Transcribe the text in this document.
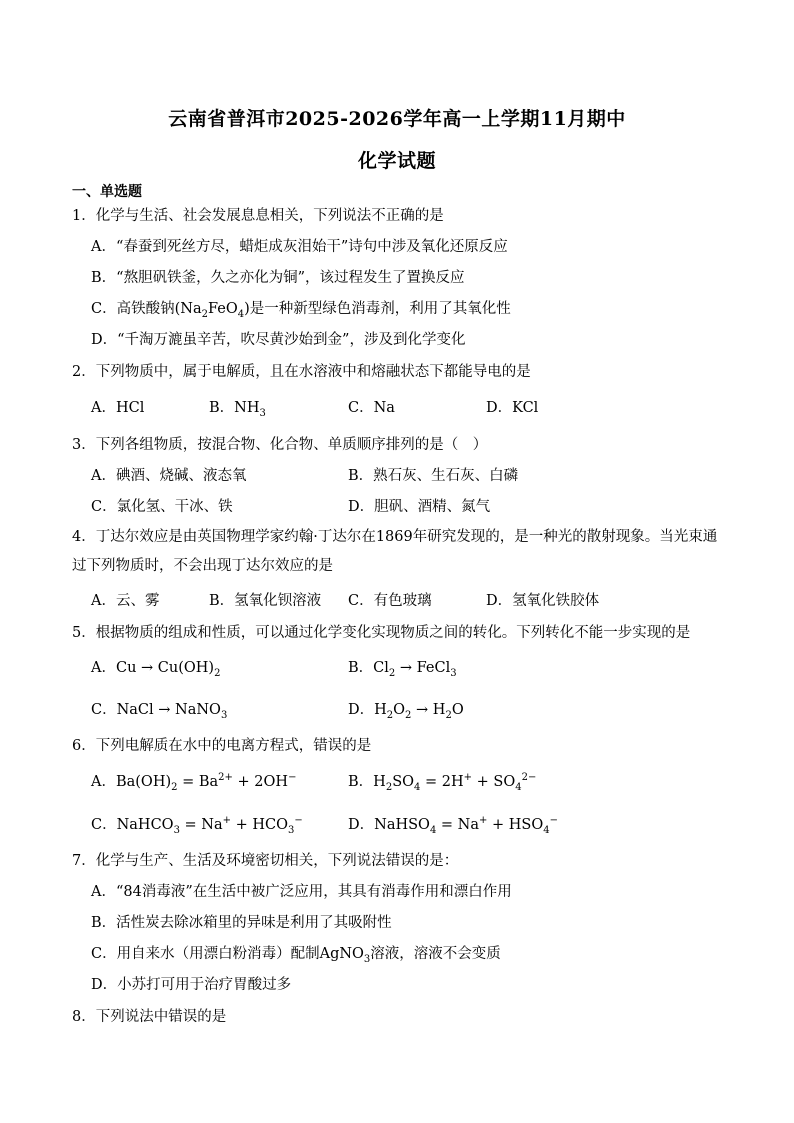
云南省普洱市2025-2026学年高一上学期11月期中
化学试题
一、单选题
1．化学与生活、社会发展息息相关，下列说法不正确的是
A．“春蚕到死丝方尽，蜡炬成灰泪始干”诗句中涉及氧化还原反应
B．“熬胆矾铁釜，久之亦化为铜”，该过程发生了置换反应
C．高铁酸钠$(Na_2FeO_4)$是一种新型绿色消毒剂，利用了其氧化性
D．“千淘万漉虽辛苦，吹尽黄沙始到金”，涉及到化学变化
2．下列物质中，属于电解质，且在水溶液中和熔融状态下都能导电的是
A．HCl	B．$NH_3$	C．Na	D．KCl
3．下列各组物质，按混合物、化合物、单质顺序排列的是（　）
A．碘酒、烧碱、液态氧	B．熟石灰、生石灰、白磷
C．氯化氢、干冰、铁	D．胆矾、酒精、氮气
4．丁达尔效应是由英国物理学家约翰·丁达尔在1869年研究发现的，是一种光的散射现象。当光束通过下列物质时，不会出现丁达尔效应的是
A．云、雾	B．氢氧化钡溶液 C．有色玻璃	D．氢氧化铁胶体
5．根据物质的组成和性质，可以通过化学变化实现物质之间的转化。下列转化不能一步实现的是
A．$Cu \to Cu(OH)_2$	B．$Cl_2$ → FeCl$_3$
C．NaCl → NaNO$_3$	D．$H_2O_2 \to H_2O$
6．下列电解质在水中的电离方程式，错误的是
A．$Ba(OH)_2 = Ba^{2+} + 2OH^-$	B．$H_2SO_4 = 2H^+ + SO_4^{2-}$
C．NaHCO$_3$ = $Na^+ + HCO_3^-$	D．NaHSO$_4$ = $Na^+ + HSO_4^-$
7．化学与生产、生活及环境密切相关，下列说法错误的是：
A．“84消毒液”在生活中被广泛应用，其具有消毒作用和漂白作用
B．活性炭去除冰箱里的异味是利用了其吸附性
C．用自来水（用漂白粉消毒）配制AgNO$_3$溶液，溶液不会变质
D．小苏打可用于治疗胃酸过多
8．下列说法中错误的是
